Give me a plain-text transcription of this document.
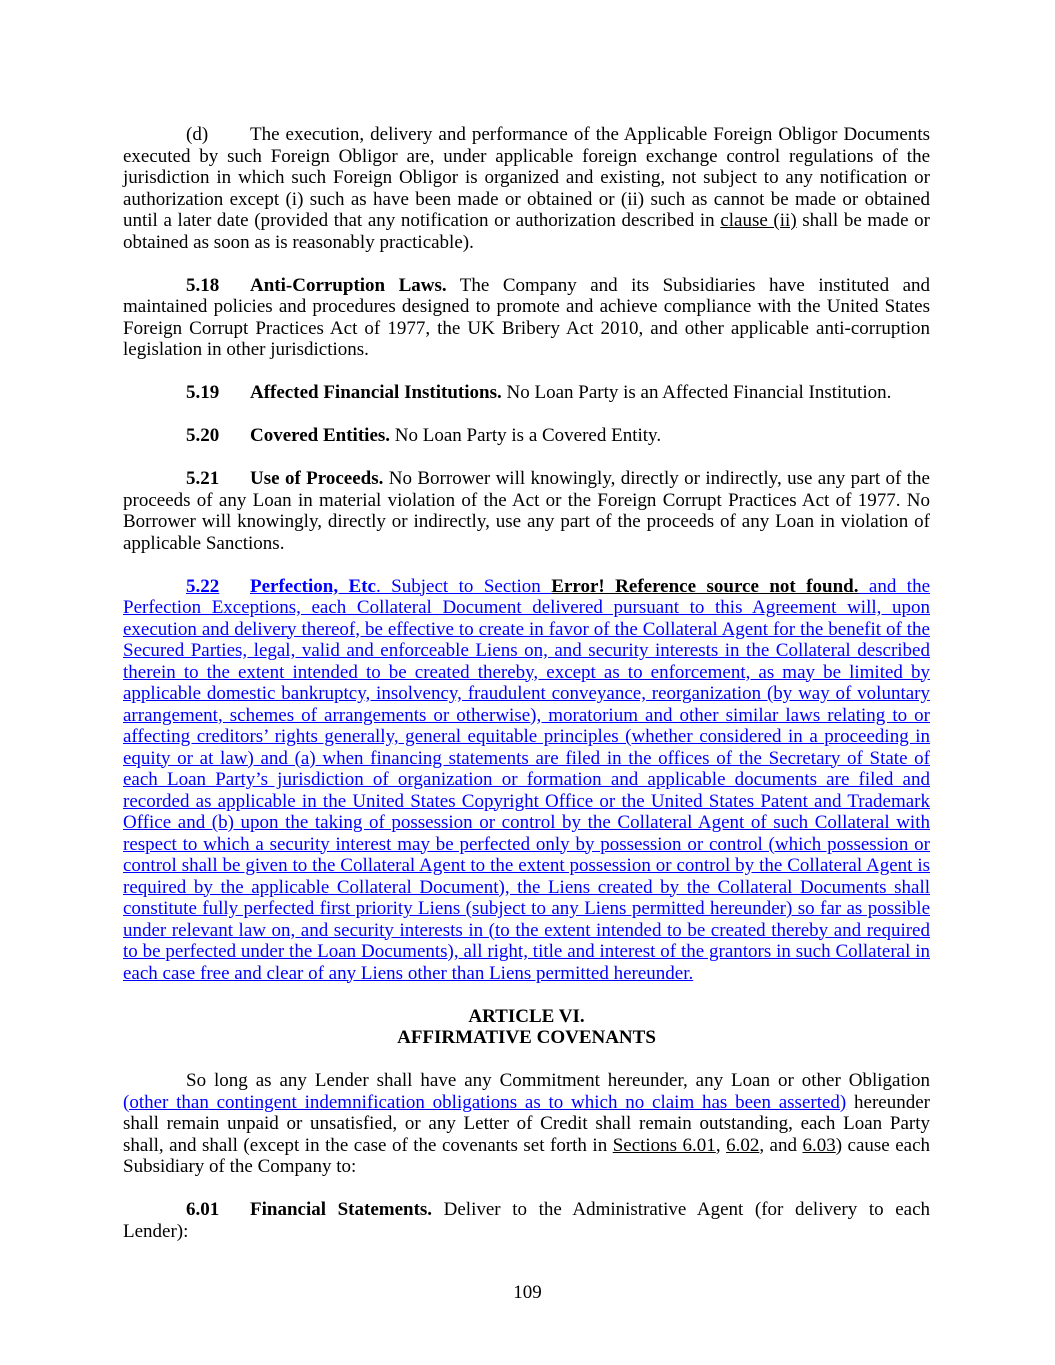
(d) The execution, delivery and performance of the Applicable Foreign Obligor Documents executed by such Foreign Obligor are, under applicable foreign exchange control regulations of the jurisdiction in which such Foreign Obligor is organized and existing, not subject to any notification or authorization except (i) such as have been made or obtained or (ii) such as cannot be made or obtained until a later date (provided that any notification or authorization described in clause (ii) shall be made or obtained as soon as is reasonably practicable).

5.18 Anti-Corruption Laws. The Company and its Subsidiaries have instituted and maintained policies and procedures designed to promote and achieve compliance with the United States Foreign Corrupt Practices Act of 1977, the UK Bribery Act 2010, and other applicable anti-corruption legislation in other jurisdictions.

5.19 Affected Financial Institutions. No Loan Party is an Affected Financial Institution.

5.20 Covered Entities. No Loan Party is a Covered Entity.

5.21 Use of Proceeds. No Borrower will knowingly, directly or indirectly, use any part of the proceeds of any Loan in material violation of the Act or the Foreign Corrupt Practices Act of 1977. No Borrower will knowingly, directly or indirectly, use any part of the proceeds of any Loan in violation of applicable Sanctions.

5.22 Perfection, Etc. Subject to Section Error! Reference source not found. and the Perfection Exceptions, each Collateral Document delivered pursuant to this Agreement will, upon execution and delivery thereof, be effective to create in favor of the Collateral Agent for the benefit of the Secured Parties, legal, valid and enforceable Liens on, and security interests in the Collateral described therein to the extent intended to be created thereby, except as to enforcement, as may be limited by applicable domestic bankruptcy, insolvency, fraudulent conveyance, reorganization (by way of voluntary arrangement, schemes of arrangements or otherwise), moratorium and other similar laws relating to or affecting creditors’ rights generally, general equitable principles (whether considered in a proceeding in equity or at law) and (a) when financing statements are filed in the offices of the Secretary of State of each Loan Party’s jurisdiction of organization or formation and applicable documents are filed and recorded as applicable in the United States Copyright Office or the United States Patent and Trademark Office and (b) upon the taking of possession or control by the Collateral Agent of such Collateral with respect to which a security interest may be perfected only by possession or control (which possession or control shall be given to the Collateral Agent to the extent possession or control by the Collateral Agent is required by the applicable Collateral Document), the Liens created by the Collateral Documents shall constitute fully perfected first priority Liens (subject to any Liens permitted hereunder) so far as possible under relevant law on, and security interests in (to the extent intended to be created thereby and required to be perfected under the Loan Documents), all right, title and interest of the grantors in such Collateral in each case free and clear of any Liens other than Liens permitted hereunder.

ARTICLE VI.

AFFIRMATIVE COVENANTS

So long as any Lender shall have any Commitment hereunder, any Loan or other Obligation (other than contingent indemnification obligations as to which no claim has been asserted) hereunder shall remain unpaid or unsatisfied, or any Letter of Credit shall remain outstanding, each Loan Party shall, and shall (except in the case of the covenants set forth in Sections 6.01, 6.02, and 6.03) cause each Subsidiary of the Company to:

6.01 Financial Statements. Deliver to the Administrative Agent (for delivery to each Lender):

109
